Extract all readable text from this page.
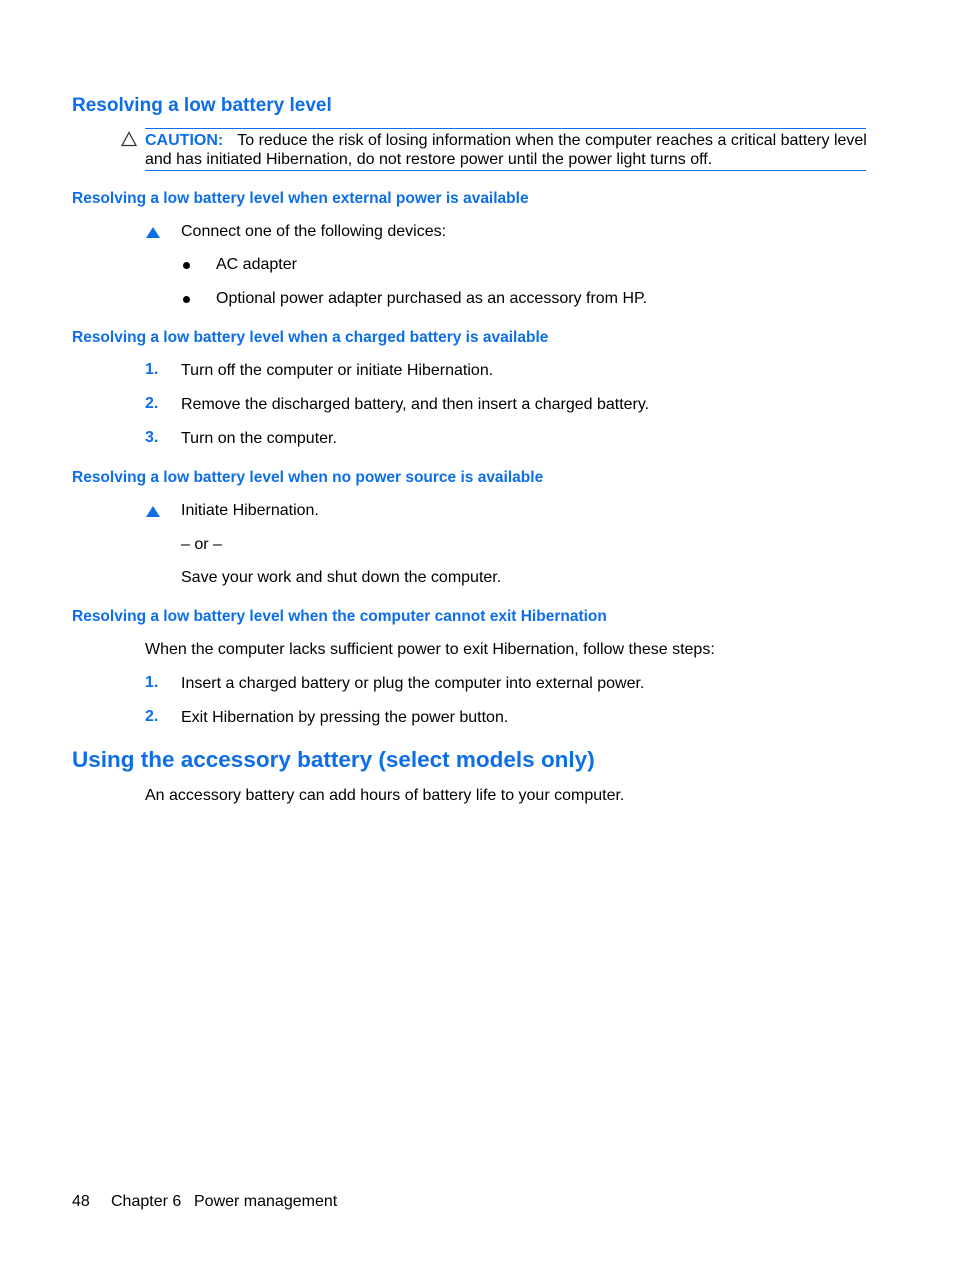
Resolving a low battery level
CAUTION: To reduce the risk of losing information when the computer reaches a critical battery level
and has initiated Hibernation, do not restore power until the power light turns off.
Resolving a low battery level when external power is available
Connect one of the following devices:
AC adapter
Optional power adapter purchased as an accessory from HP.
Resolving a low battery level when a charged battery is available
1. Turn off the computer or initiate Hibernation.
2. Remove the discharged battery, and then insert a charged battery.
3. Turn on the computer.
Resolving a low battery level when no power source is available
Initiate Hibernation.
– or –
Save your work and shut down the computer.
Resolving a low battery level when the computer cannot exit Hibernation
When the computer lacks sufficient power to exit Hibernation, follow these steps:
1. Insert a charged battery or plug the computer into external power.
2. Exit Hibernation by pressing the power button.
Using the accessory battery (select models only)
An accessory battery can add hours of battery life to your computer.
48 Chapter 6 Power management
